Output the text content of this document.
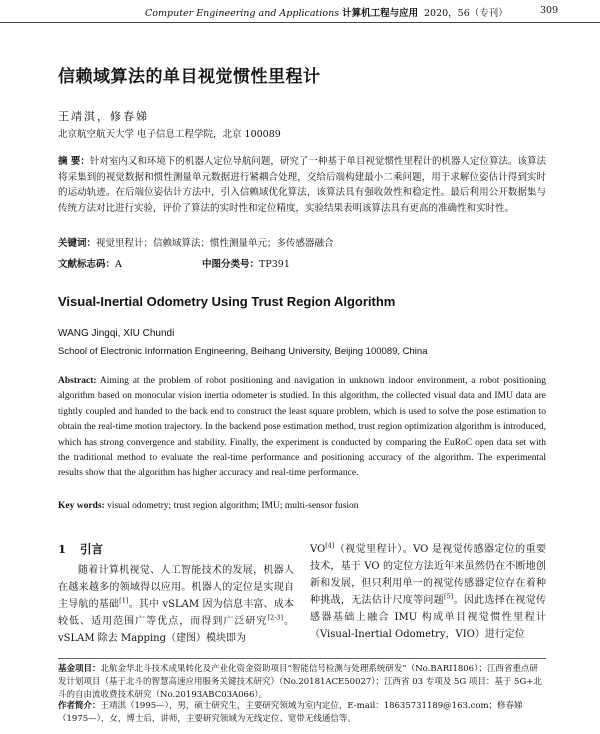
Computer Engineering and Applications 计算机工程与应用 2020，56（专刊）	309
信赖域算法的单目视觉惯性里程计
王靖淇，修春娣
北京航空航天大学 电子信息工程学院，北京 100089

摘 要：针对室内又和环境下的机器人定位导航问题，研究了一种基于单目视觉惯性里程计的机器人定位算法。该算法将采集到的视觉数据和惯性测量单元数据进行紧耦合处理，交给后端构建最小二乘问题，用于求解位姿估计得到实时的运动轨迹。在后端位姿估计方法中，引入信赖域优化算法，该算法具有强收敛性和稳定性。最后利用公开数据集与传统方法对比进行实验，评价了算法的实时性和定位精度，实验结果表明该算法具有更高的准确性和实时性。

关键词：视觉里程计；信赖域算法；惯性测量单元；多传感器融合
文献标志码：A	中图分类号：TP391
Visual-Inertial Odometry Using Trust Region Algorithm
WANG Jingqi, XIU Chundi
School of Electronic Information Engineering, Beihang University, Beijing 100089, China

Abstract: Aiming at the problem of robot positioning and navigation in unknown indoor environment, a robot positioning algorithm based on monocular vision inertia odometer is studied. In this algorithm, the collected visual data and IMU data are tightly coupled and handed to the back end to construct the least square problem, which is used to solve the pose estimation to obtain the real-time motion trajectory. In the backend pose estimation method, trust region optimization algorithm is introduced, which has strong convergence and stability. Finally, the experiment is conducted by comparing the EuRoC open data set with the traditional method to evaluate the real-time performance and positioning accuracy of the algorithm. The experimental results show that the algorithm has higher accuracy and real-time performance.

Key words: visual odometry; trust region algorithm; IMU; multi-sensor fusion
1 引言

随着计算机视觉、人工智能技术的发展，机器人在越来越多的领域得以应用。机器人的定位是实现自主导航的基础[1]。其中 vSLAM 因为信息丰富、成本较低、适用范围广等优点，而得到广泛研究[2-3]。vSLAM 除去 Mapping（建图）模块即为

VO[4]（视觉里程计）。VO 是视觉传感器定位的重要技术，基于 VO 的定位方法近年来虽然仍在不断地创新和发展，但只利用单一的视觉传感器定位存在着种种挑战，无法估计尺度等问题[5]。因此选择在视觉传感器基础上融合 IMU 构成单目视觉惯性里程计（Visual-Inertial Odometry，VIO）进行定位

基金项目：北航金华北斗技术成果转化及产业化资金资助项目“智能信号检测与处理系统研发”（No.BARI1806）；江西省重点研发计划项目（基于北斗的智慧高速应用服务关键技术研究）（No.20181ACE50027）；江西省 03 专项及 5G 项目：基于 5G+北斗的自由流收费技术研究（No.20193ABC03A066）。

作者简介：王靖淇（1995—），男，硕士研究生，主要研究领域为室内定位，E-mail：18635731189@163.com；修春娣（1975—），女，博士后，讲师，主要研究领域为无线定位、宽带无线通信等。
